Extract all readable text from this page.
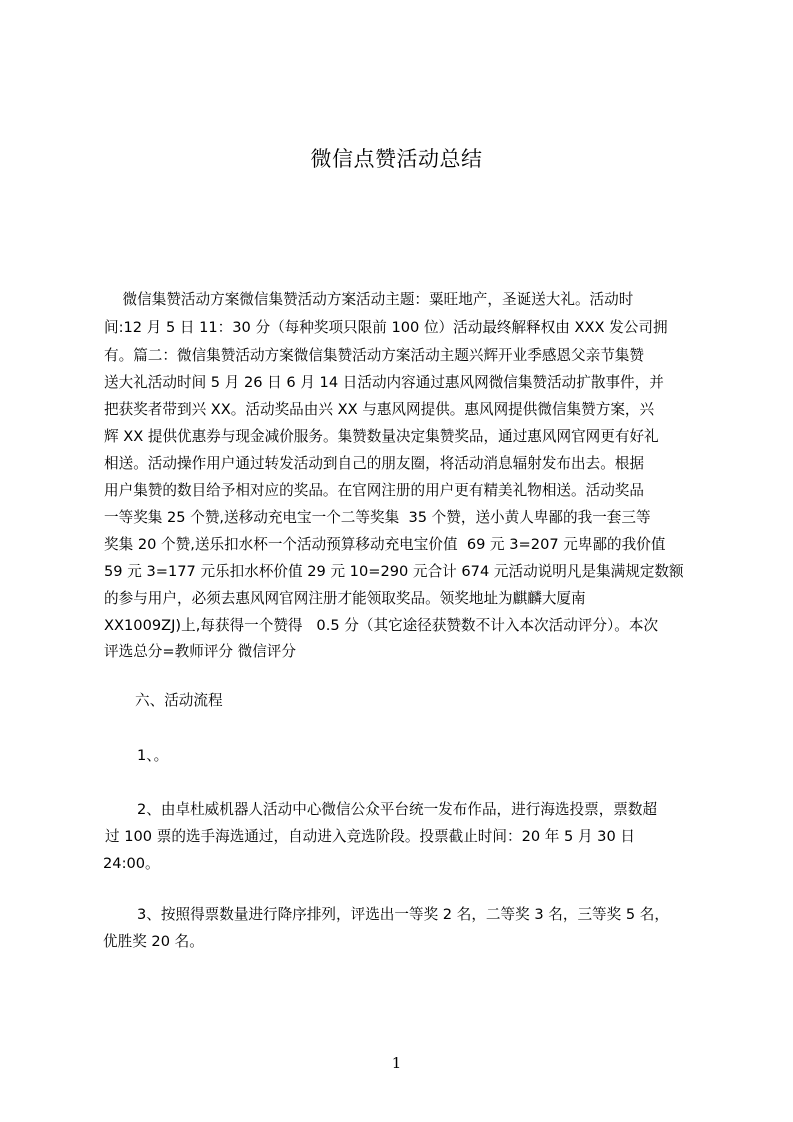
微信点赞活动总结
微信集赞活动方案微信集赞活动方案活动主题：粟旺地产，圣诞送大礼。活动时
间:12 月 5 日 11：30 分（每种奖项只限前 100 位）活动最终解释权由 XXX 发公司拥
有。篇二：微信集赞活动方案微信集赞活动方案活动主题兴辉开业季感恩父亲节集赞
送大礼活动时间 5 月 26 日 6 月 14 日活动内容通过惠风网微信集赞活动扩散事件，并
把获奖者带到兴 XX。活动奖品由兴 XX 与惠风网提供。惠风网提供微信集赞方案，兴
辉 XX 提供优惠券与现金减价服务。集赞数量决定集赞奖品，通过惠风网官网更有好礼
相送。活动操作用户通过转发活动到自己的朋友圈，将活动消息辐射发布出去。根据
用户集赞的数目给予相对应的奖品。在官网注册的用户更有精美礼物相送。活动奖品
一等奖集 25 个赞,送移动充电宝一个二等奖集  35 个赞，送小黄人卑鄙的我一套三等
奖集 20 个赞,送乐扣水杯一个活动预算移动充电宝价值  69 元 3=207 元卑鄙的我价值
59 元 3=177 元乐扣水杯价值 29 元 10=290 元合计 674 元活动说明凡是集满规定数额
的参与用户，必须去惠风网官网注册才能领取奖品。领奖地址为麒麟大厦南
XX1009ZJ)上,每获得一个赞得   0.5 分（其它途径获赞数不计入本次活动评分）。本次
评选总分=教师评分 微信评分
六、活动流程
1、。
2、由卓杜威机器人活动中心微信公众平台统一发布作品，进行海选投票，票数超
过 100 票的选手海选通过，自动进入竞选阶段。投票截止时间：20 年 5 月 30 日
24:00。
3、按照得票数量进行降序排列，评选出一等奖 2 名，二等奖 3 名，三等奖 5 名，
优胜奖 20 名。
1
